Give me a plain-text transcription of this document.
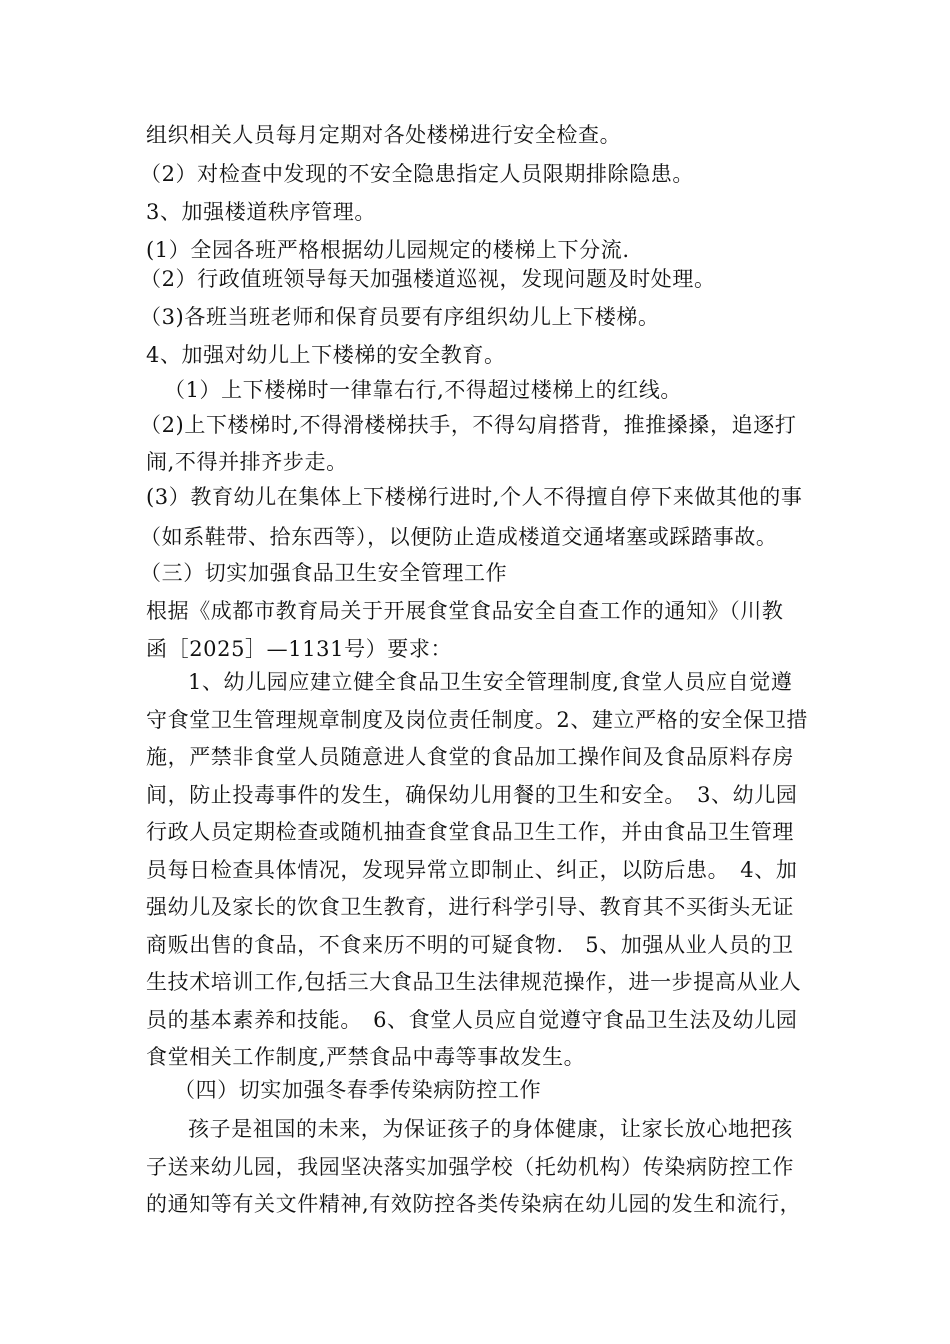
组织相关人员每月定期对各处楼梯进行安全检查。
（2）对检查中发现的不安全隐患指定人员限期排除隐患。
3、加强楼道秩序管理。
(1）全园各班严格根据幼儿园规定的楼梯上下分流.
（2）行政值班领导每天加强楼道巡视，发现问题及时处理。
（3)各班当班老师和保育员要有序组织幼儿上下楼梯。
4、加强对幼儿上下楼梯的安全教育。
（1）上下楼梯时一律靠右行,不得超过楼梯上的红线。
（2)上下楼梯时,不得滑楼梯扶手，不得勾肩搭背，推推搡搡，追逐打
闹,不得并排齐步走。
(3）教育幼儿在集体上下楼梯行进时,个人不得擅自停下来做其他的事
（如系鞋带、拾东西等），以便防止造成楼道交通堵塞或踩踏事故。
（三）切实加强食品卫生安全管理工作
根据《成都市教育局关于开展食堂食品安全自查工作的通知》（川教
函［2025］—1131号）要求：
1、幼儿园应建立健全食品卫生安全管理制度,食堂人员应自觉遵
守食堂卫生管理规章制度及岗位责任制度。2、建立严格的安全保卫措
施，严禁非食堂人员随意进人食堂的食品加工操作间及食品原料存房
间，防止投毒事件的发生，确保幼儿用餐的卫生和安全。　3、幼儿园
行政人员定期检查或随机抽查食堂食品卫生工作，并由食品卫生管理
员每日检查具体情况，发现异常立即制止、纠正，以防后患。　4、加
强幼儿及家长的饮食卫生教育，进行科学引导、教育其不买街头无证
商贩出售的食品，不食来历不明的可疑食物.　5、加强从业人员的卫
生技术培训工作,包括三大食品卫生法律规范操作，进一步提高从业人
员的基本素养和技能。　6、食堂人员应自觉遵守食品卫生法及幼儿园
食堂相关工作制度,严禁食品中毒等事故发生。
（四）切实加强冬春季传染病防控工作
孩子是祖国的未来，为保证孩子的身体健康，让家长放心地把孩
子送来幼儿园，我园坚决落实加强学校（托幼机构）传染病防控工作
的通知等有关文件精神,有效防控各类传染病在幼儿园的发生和流行，
